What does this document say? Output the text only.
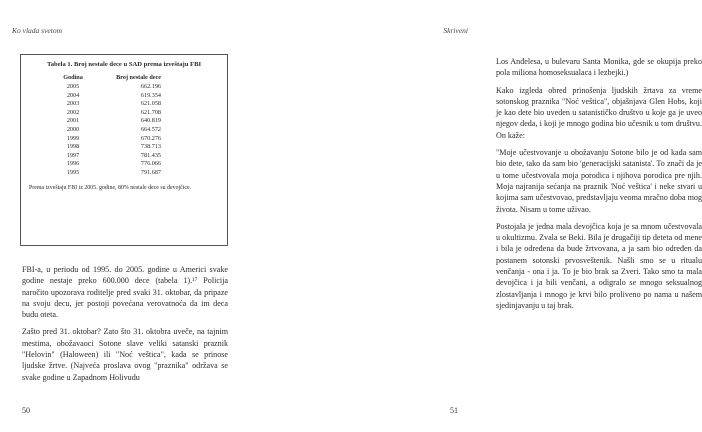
Ko vlada svetom
Tabela 1. Broj nestale dece u SAD prema izveštaju FBI
Godina	Broj nestale dece
2005	662.196
2004	619.354
2003	621.058
2002	621.708
2001	640.819
2000	664.572
1999	670.276
1998	738.713
1997	781.435
1996	776.066
1995	791.687
Prema izveštaju FBI iz 2005. godine, 80% nestale dece su devojčice.

FBI-a, u periodu od 1995. do 2005. godine u Americi svake godine nestaje preko 600.000 dece (tabela 1).¹⁷ Policija naročito upozorava roditelje pred svaki 31. oktobar, da pripaze na svoju decu, jer postoji povećana verovatnoća da im deca budu oteta.

Zašto pred 31. oktobar? Zato što 31. oktobra uveče, na tajnim mestima, obožavaoci Sotone slave veliki satanski praznik "Helovin" (Haloween) ili "Noć veštica", kada se prinose ljudske žrtve. (Najveća proslava ovog "praznika" održava se svake godine u Zapadnom Holivudu

50
Skriveni

Los Anđelesa, u bulevaru Santa Monika, gde se okupija preko pola miliona homoseksualaca i lezbejki.)

Kako izgleda obred prinošenja ljudskih žrtava za vreme sotonskog praznika "Noć veštica", objašnjava Glen Hobs, koji je kao dete bio uveden u satanističko društvo u koje ga je uveo njegov deda, i koji je mnogo godina bio učesnik u tom društvu. On kaže:

"Moje učestvovanje u obožavanju Sotone bilo je od kada sam bio dete, tako da sam bio 'generacijski satanista'. To znači da je u tome učestvovala moja porodica i njihova porodica pre njih. Moja najranija sećanja na praznik 'Noć veštica' i neke stvari u kojima sam učestvovao, predstavljaju veoma mračno doba mog života. Nisam u tome uživao.

Postojala je jedna mala devojčica koja je sa mnom učestvovala u okultizmu. Zvala se Beki. Bila je drugačiji tip deteta od mene i bila je određena da bude žrtvovana, a ja sam bio određen da postanem sotonski prvosveštenik. Našli smo se u ritualu venčanja - ona i ja. To je bio brak sa Zveri. Tako smo ta mala devojčica i ja bili venčani, a odigralo se mnogo seksualnog zlostavljanja i mnogo je krvi bilo proliveno po nama u našem sjedinjavanju u taj brak.

51
